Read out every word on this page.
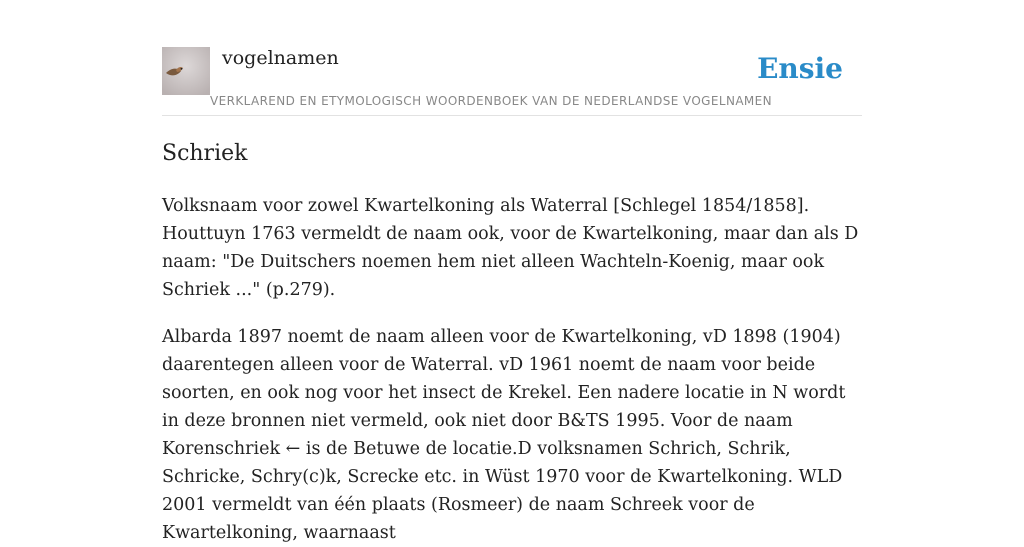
vogelnamen	Ensie
VERKLAREND EN ETYMOLOGISCH WOORDENBOEK VAN DE NEDERLANDSE VOGELNAMEN
Schriek

Volksnaam voor zowel Kwartelkoning als Waterral [Schlegel 1854/1858]. Houttuyn 1763 vermeldt de naam ook, voor de Kwartelkoning, maar dan als D naam: "De Duitschers noemen hem niet alleen Wachteln-Koenig, maar ook Schriek ..." (p.279).

Albarda 1897 noemt de naam alleen voor de Kwartelkoning, vD 1898 (1904) daarentegen alleen voor de Waterral. vD 1961 noemt de naam voor beide soorten, en ook nog voor het insect de Krekel. Een nadere locatie in N wordt in deze bronnen niet vermeld, ook niet door B&TS 1995. Voor de naam Korenschriek ← is de Betuwe de locatie.D volksnamen Schrich, Schrik, Schricke, Schry(c)k, Screcke etc. in Wüst 1970 voor de Kwartelkoning. WLD 2001 vermeldt van één plaats (Rosmeer) de naam Schreek voor de Kwartelkoning, waarnaast
